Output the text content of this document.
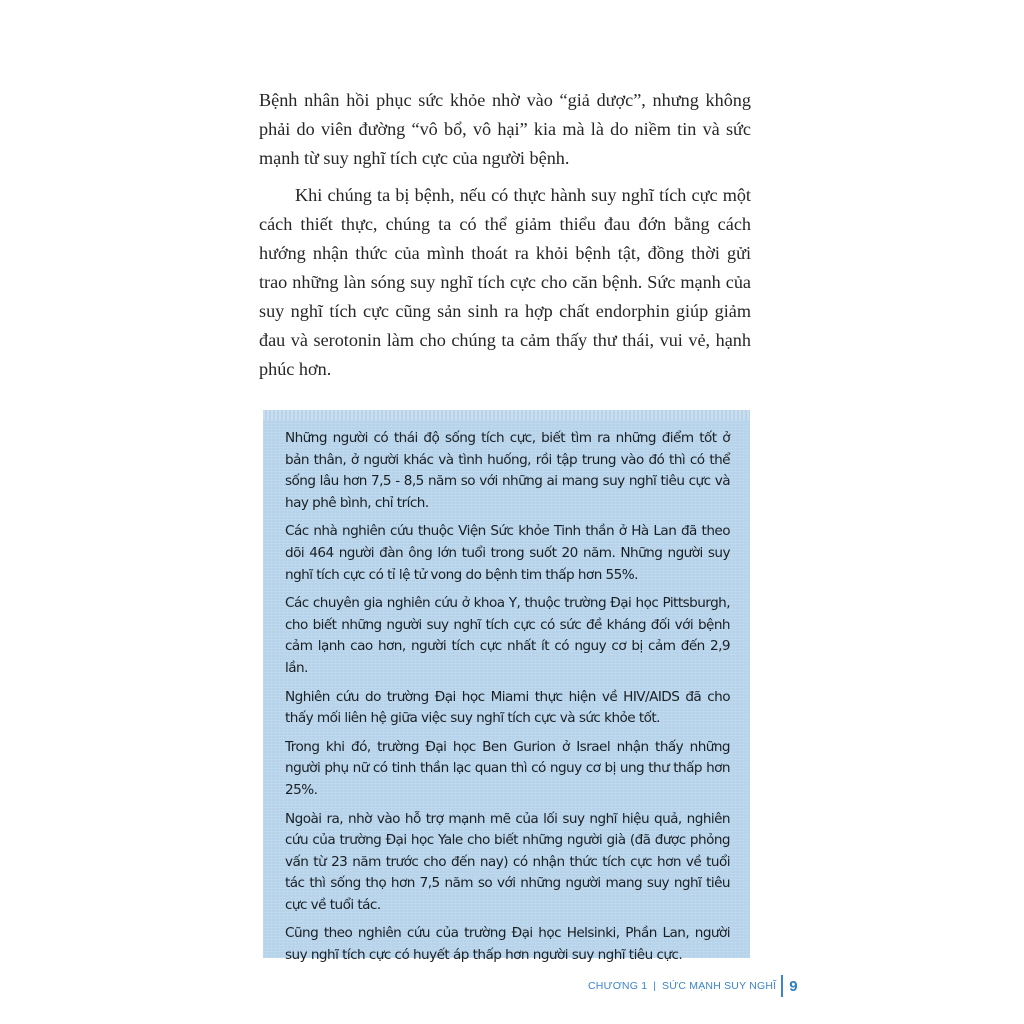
Bệnh nhân hồi phục sức khỏe nhờ vào “giả dược”, nhưng không phải do viên đường “vô bổ, vô hại” kia mà là do niềm tin và sức mạnh từ suy nghĩ tích cực của người bệnh.

Khi chúng ta bị bệnh, nếu có thực hành suy nghĩ tích cực một cách thiết thực, chúng ta có thể giảm thiểu đau đớn bằng cách hướng nhận thức của mình thoát ra khỏi bệnh tật, đồng thời gửi trao những làn sóng suy nghĩ tích cực cho căn bệnh. Sức mạnh của suy nghĩ tích cực cũng sản sinh ra hợp chất endorphin giúp giảm đau và serotonin làm cho chúng ta cảm thấy thư thái, vui vẻ, hạnh phúc hơn.

Những người có thái độ sống tích cực, biết tìm ra những điểm tốt ở bản thân, ở người khác và tình huống, rồi tập trung vào đó thì có thể sống lâu hơn 7,5 - 8,5 năm so với những ai mang suy nghĩ tiêu cực và hay phê bình, chỉ trích.

Các nhà nghiên cứu thuộc Viện Sức khỏe Tinh thần ở Hà Lan đã theo dõi 464 người đàn ông lớn tuổi trong suốt 20 năm. Những người suy nghĩ tích cực có tỉ lệ tử vong do bệnh tim thấp hơn 55%.

Các chuyên gia nghiên cứu ở khoa Y, thuộc trường Đại học Pittsburgh, cho biết những người suy nghĩ tích cực có sức đề kháng đối với bệnh cảm lạnh cao hơn, người tích cực nhất ít có nguy cơ bị cảm đến 2,9 lần.

Nghiên cứu do trường Đại học Miami thực hiện về HIV/AIDS đã cho thấy mối liên hệ giữa việc suy nghĩ tích cực và sức khỏe tốt.

Trong khi đó, trường Đại học Ben Gurion ở Israel nhận thấy những người phụ nữ có tinh thần lạc quan thì có nguy cơ bị ung thư thấp hơn 25%.

Ngoài ra, nhờ vào hỗ trợ mạnh mẽ của lối suy nghĩ hiệu quả, nghiên cứu của trường Đại học Yale cho biết những người già (đã được phỏng vấn từ 23 năm trước cho đến nay) có nhận thức tích cực hơn về tuổi tác thì sống thọ hơn 7,5 năm so với những người mang suy nghĩ tiêu cực về tuổi tác.

Cũng theo nghiên cứu của trường Đại học Helsinki, Phần Lan, người suy nghĩ tích cực có huyết áp thấp hơn người suy nghĩ tiêu cực.

CHƯƠNG 1 | SỨC MẠNH SUY NGHĨ 9
